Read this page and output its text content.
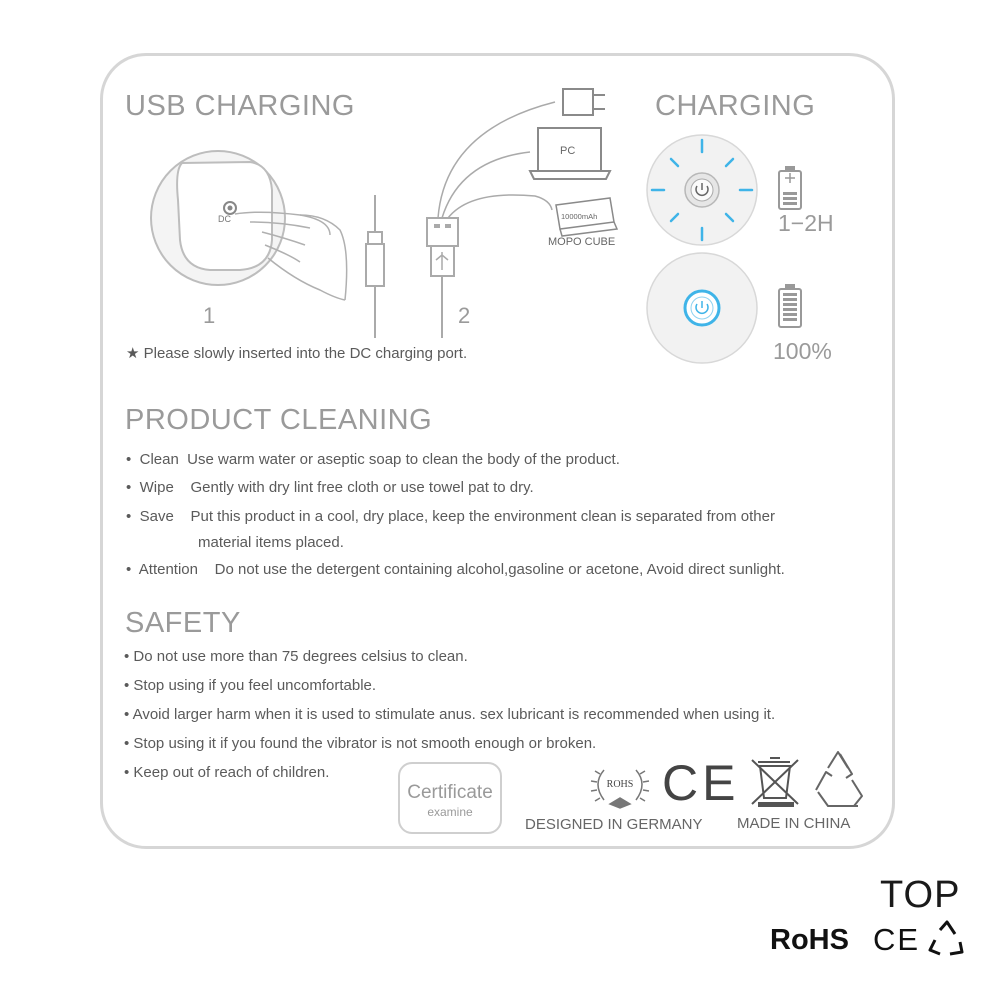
USB CHARGING	CHARGING
PRODUCT CLEANING
SAFETY
PC
10000mAh
MOPO CUBE
ROHS
DC
1	2
1−2H
100%
★ Please slowly inserted into the DC charging port.
• Clean Use warm water or aseptic soap to clean the body of the product.
• Wipe Gently with dry lint free cloth or use towel pat to dry.
• Save Put this product in a cool, dry place, keep the environment clean is separated from other
material items placed.
• Attention Do not use the detergent containing alcohol,gasoline or acetone, Avoid direct sunlight.
• Do not use more than 75 degrees celsius to clean.
• Stop using if you feel uncomfortable.
• Avoid larger harm when it is used to stimulate anus. sex lubricant is recommended when using it.
• Stop using it if you found the vibrator is not smooth enough or broken.
• Keep out of reach of children.
Certificate
examine
CE
DESIGNED IN GERMANY MADE IN CHINA
TOP
RoHS CE
